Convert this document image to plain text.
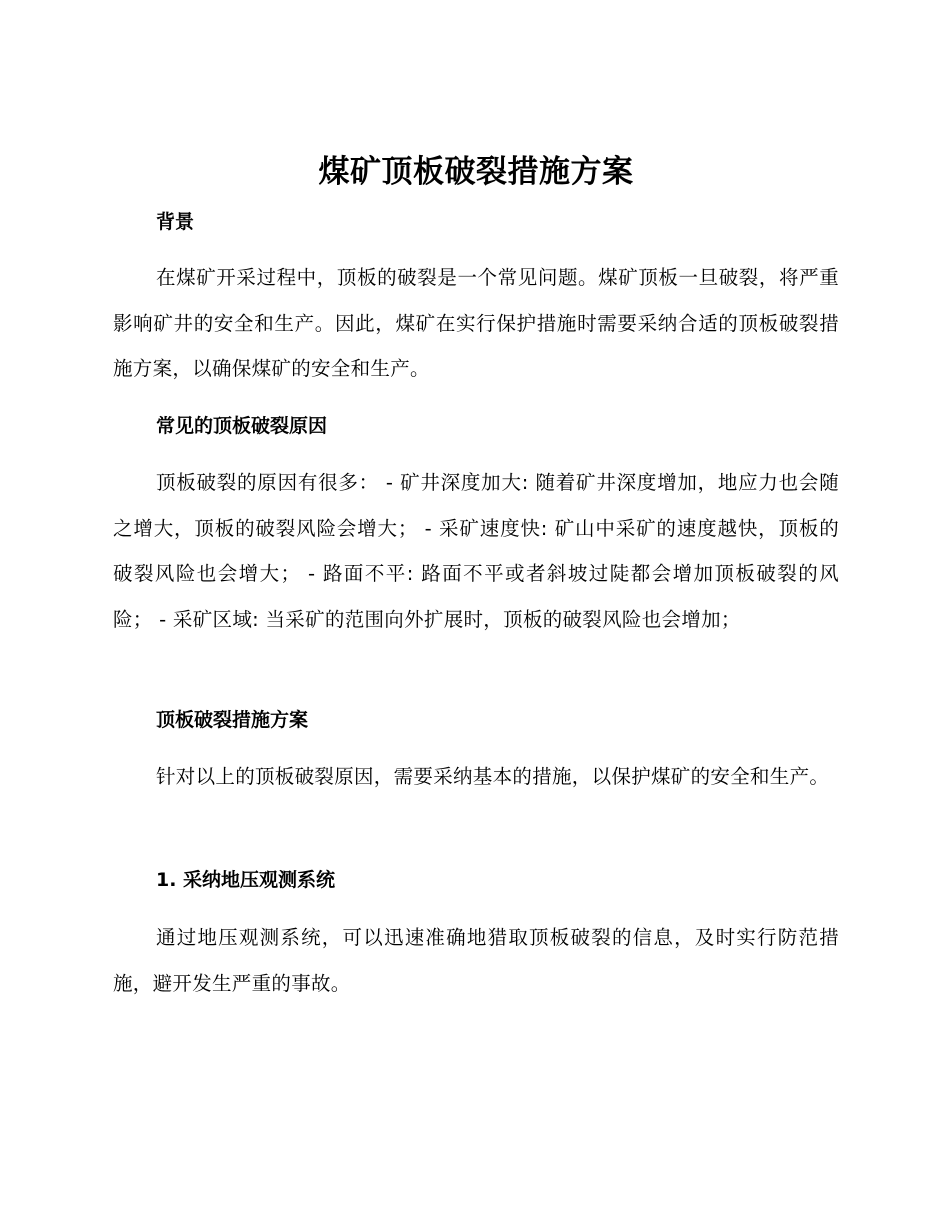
煤矿顶板破裂措施方案
背景

在煤矿开采过程中，顶板的破裂是一个常见问题。煤矿顶板一旦破裂，将严重影响矿井的安全和生产。因此，煤矿在实行保护措施时需要采纳合适的顶板破裂措施方案，以确保煤矿的安全和生产。

常见的顶板破裂原因

顶板破裂的原因有很多： - 矿井深度加大: 随着矿井深度增加，地应力也会随之增大，顶板的破裂风险会增大； - 采矿速度快: 矿山中采矿的速度越快，顶板的破裂风险也会增大； - 路面不平: 路面不平或者斜坡过陡都会增加顶板破裂的风险； - 采矿区域: 当采矿的范围向外扩展时，顶板的破裂风险也会增加；

顶板破裂措施方案

针对以上的顶板破裂原因，需要采纳基本的措施，以保护煤矿的安全和生产。

1. 采纳地压观测系统

通过地压观测系统，可以迅速准确地猎取顶板破裂的信息，及时实行防范措施，避开发生严重的事故。
